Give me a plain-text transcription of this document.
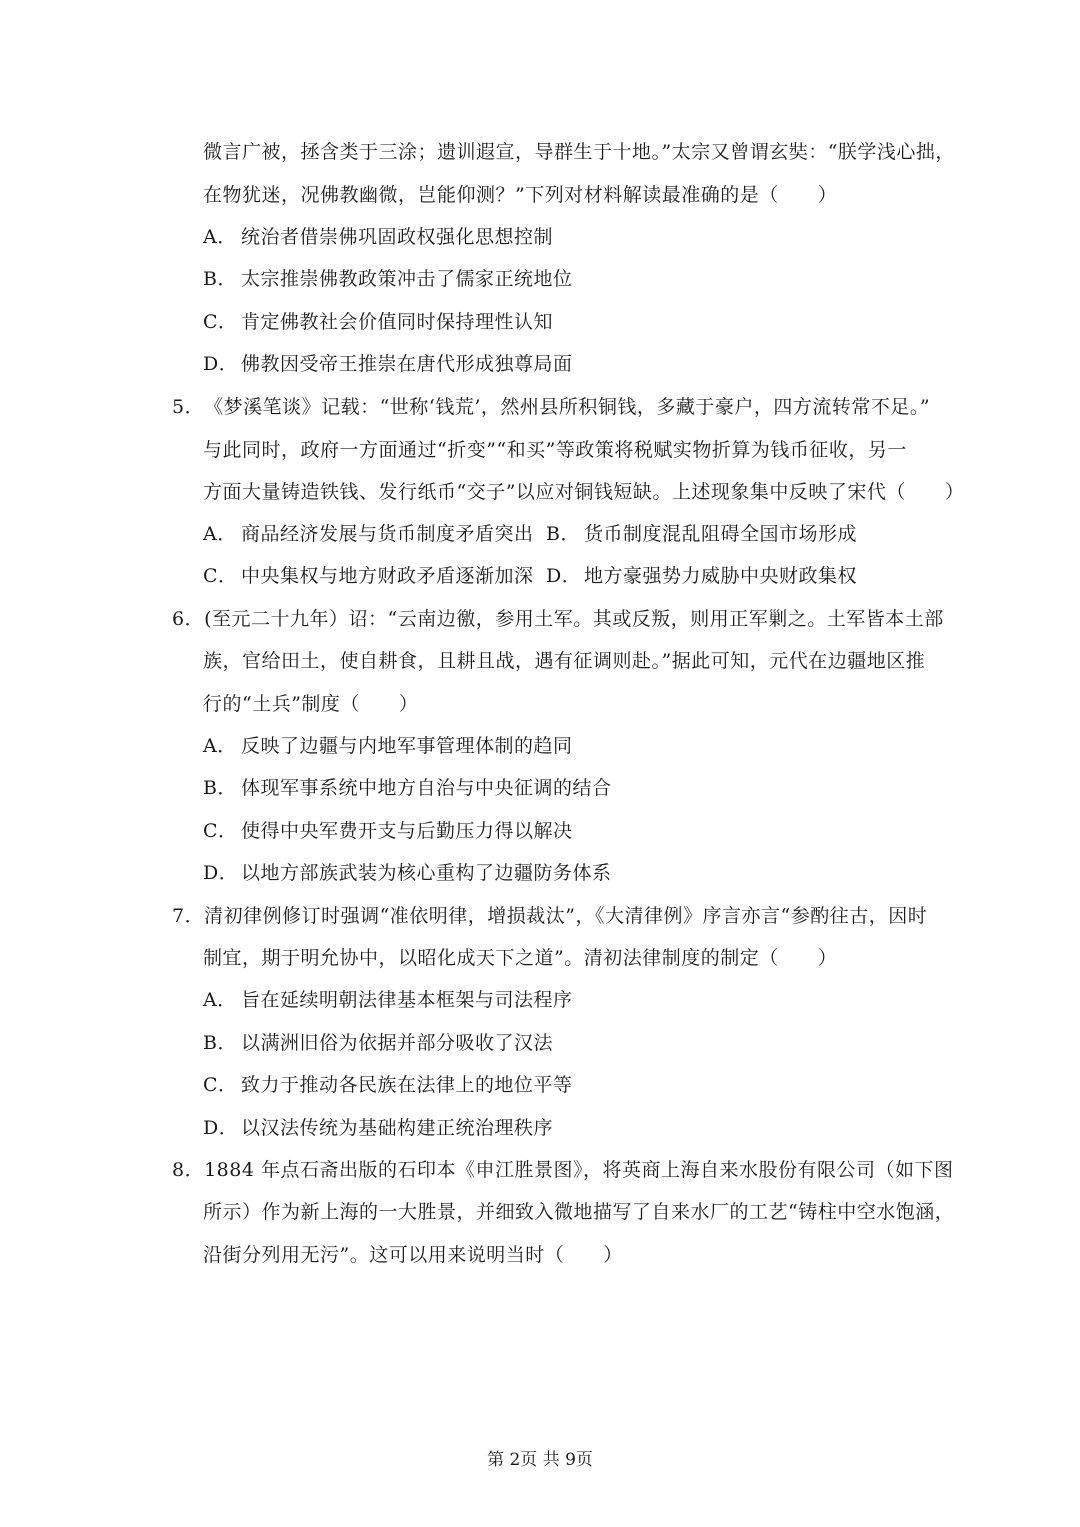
微言广被，拯含类于三涂；遗训遐宣，导群生于十地。”太宗又曾谓玄奘：“朕学浅心拙，
在物犹迷，况佛教幽微，岂能仰测？”下列对材料解读最准确的是（　　）
A． 统治者借崇佛巩固政权强化思想控制
B． 太宗推崇佛教政策冲击了儒家正统地位
C． 肯定佛教社会价值同时保持理性认知
D． 佛教因受帝王推崇在唐代形成独尊局面
5．《梦溪笔谈》记载：“世称‘钱荒’，然州县所积铜钱，多藏于豪户，四方流转常不足。”
与此同时，政府一方面通过“折变”“和买”等政策将税赋实物折算为钱币征收，另一
方面大量铸造铁钱、发行纸币“交子”以应对铜钱短缺。上述现象集中反映了宋代（　　）
A． 商品经济发展与货币制度矛盾突出 B． 货币制度混乱阻碍全国市场形成
C． 中央集权与地方财政矛盾逐渐加深 D． 地方豪强势力威胁中央财政集权
6．(至元二十九年）诏：“云南边徼，参用土军。其或反叛，则用正军剿之。土军皆本土部
族，官给田土，使自耕食，且耕且战，遇有征调则赴。”据此可知，元代在边疆地区推
行的“土兵”制度（　　）
A． 反映了边疆与内地军事管理体制的趋同
B． 体现军事系统中地方自治与中央征调的结合
C． 使得中央军费开支与后勤压力得以解决
D． 以地方部族武装为核心重构了边疆防务体系
7．清初律例修订时强调“准依明律，增损裁汰”，《大清律例》序言亦言“参酌往古，因时
制宜，期于明允协中，以昭化成天下之道”。清初法律制度的制定（　　）
A． 旨在延续明朝法律基本框架与司法程序
B． 以满洲旧俗为依据并部分吸收了汉法
C． 致力于推动各民族在法律上的地位平等
D． 以汉法传统为基础构建正统治理秩序
8．1884 年点石斋出版的石印本《申江胜景图》，将英商上海自来水股份有限公司（如下图
所示）作为新上海的一大胜景，并细致入微地描写了自来水厂的工艺“铸柱中空水饱涵，
沿街分列用无污”。这可以用来说明当时（　　）
第 2页 共 9页
